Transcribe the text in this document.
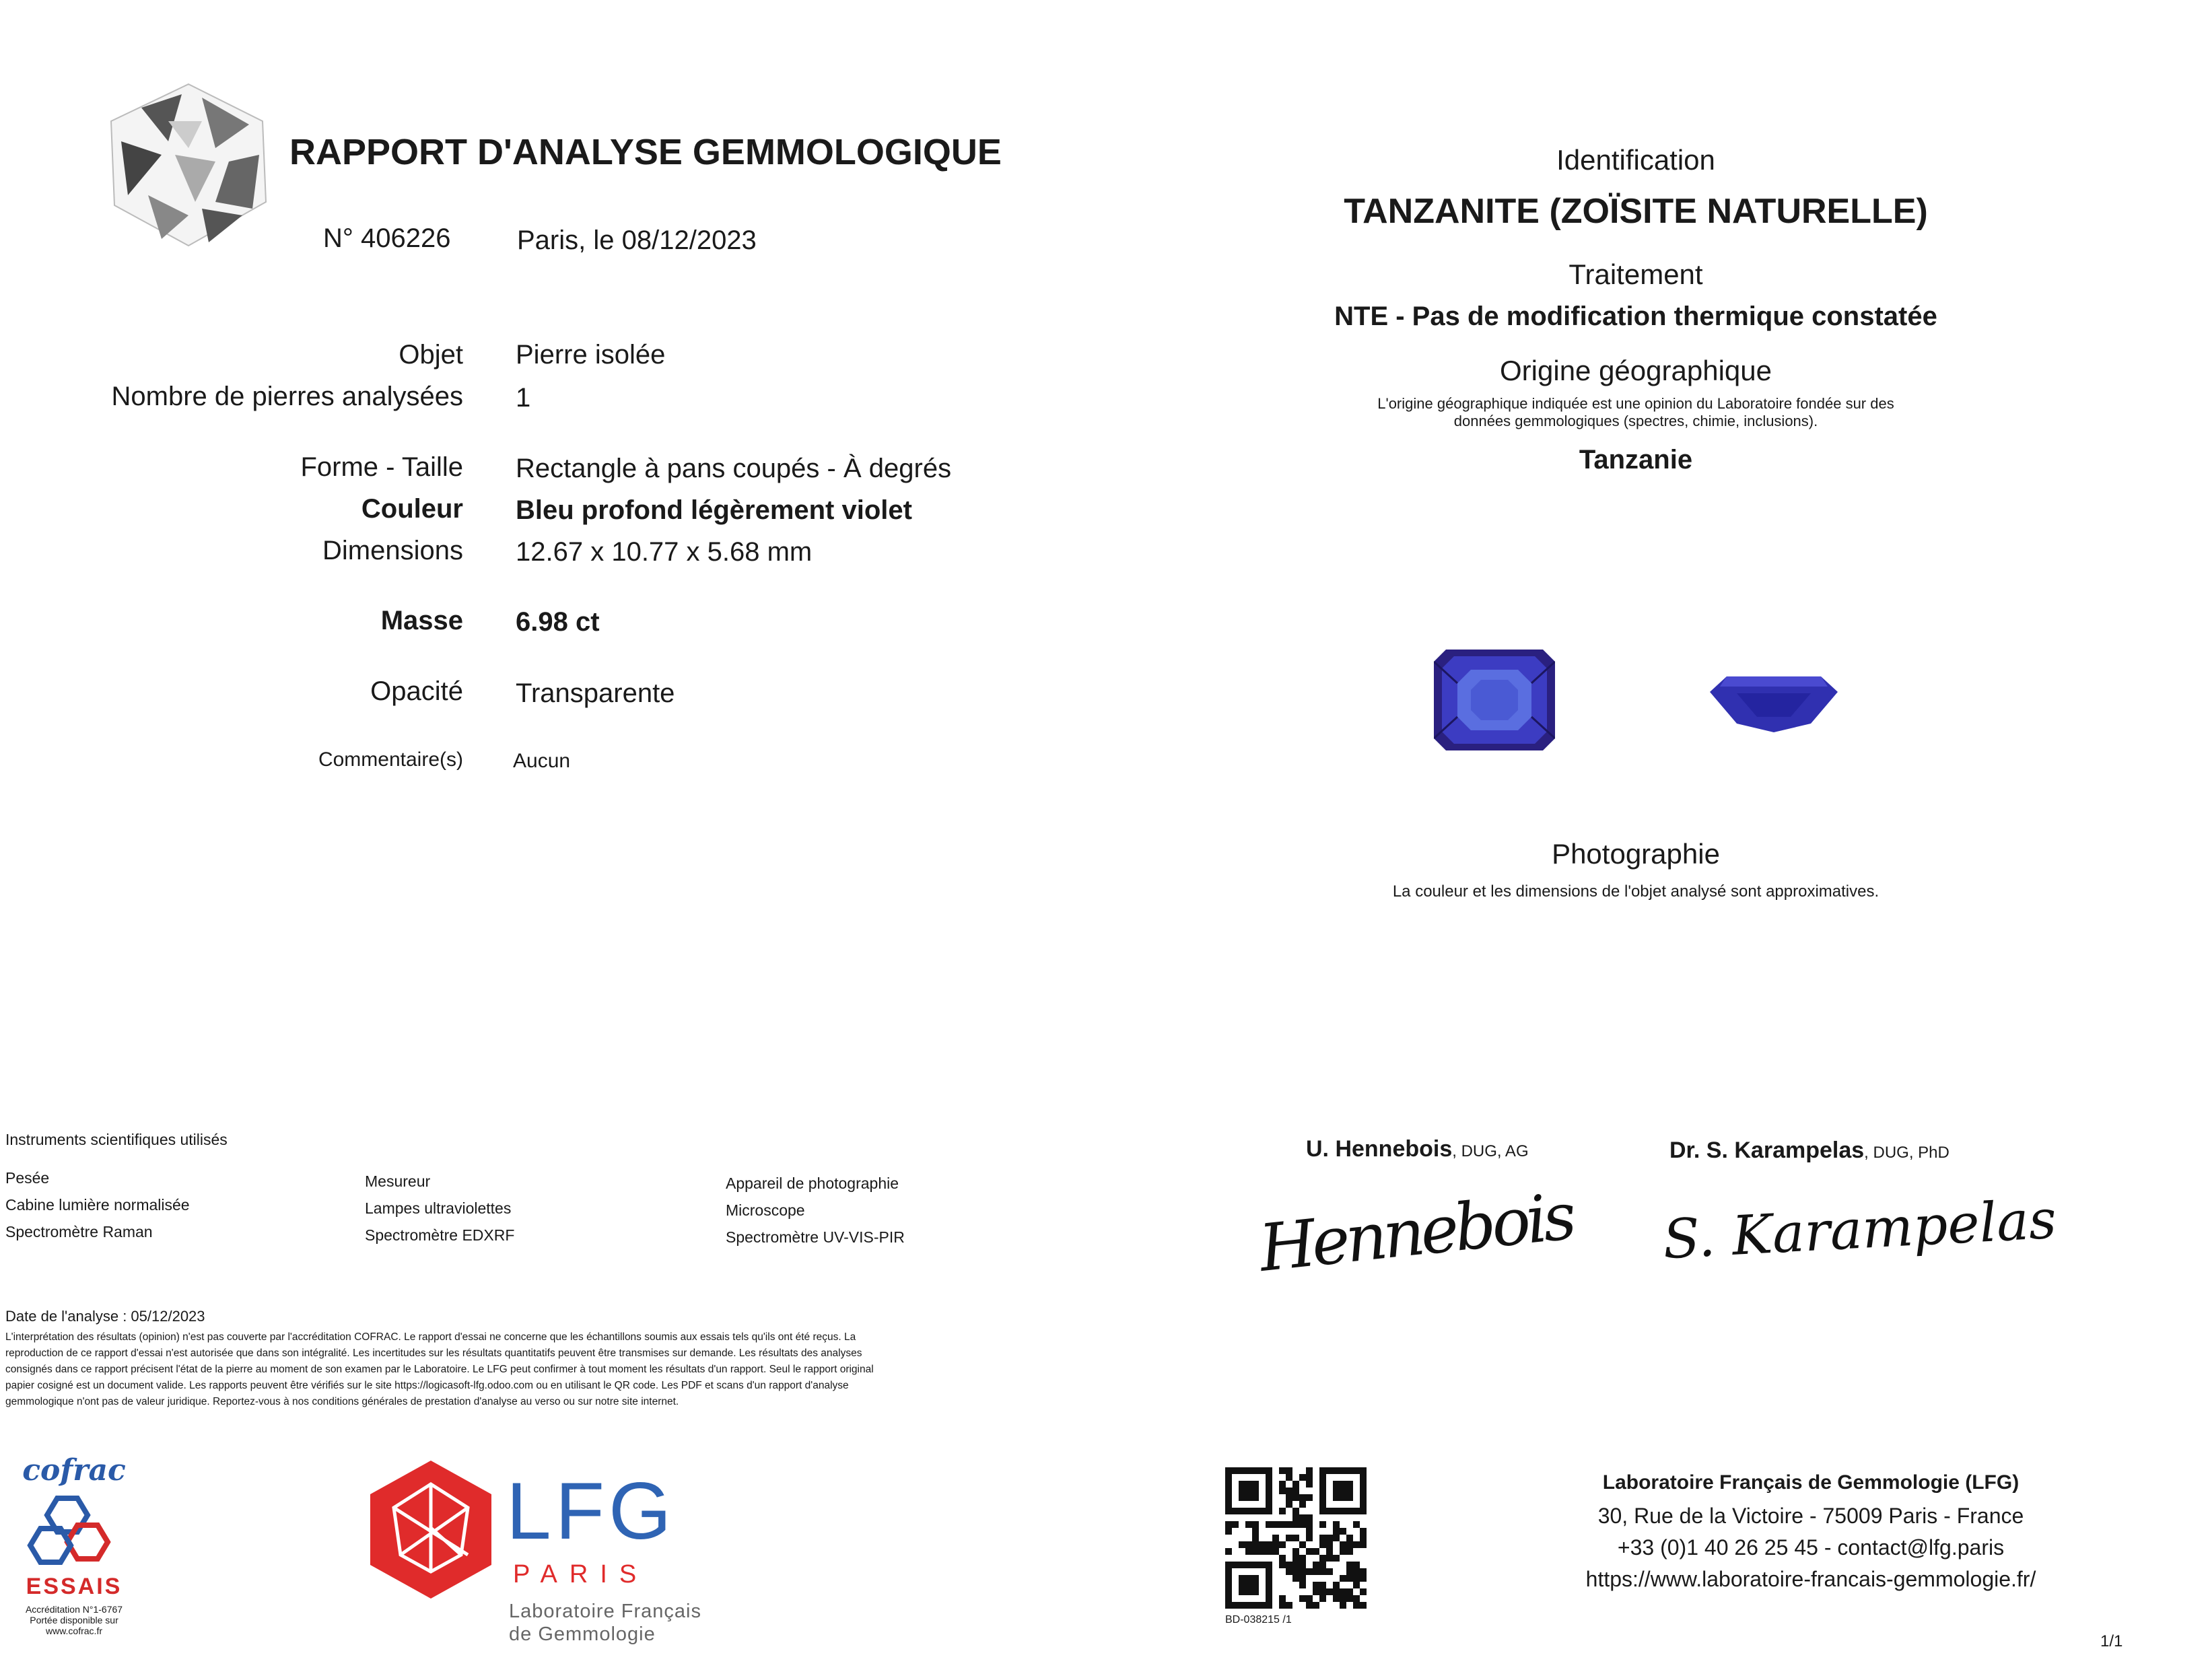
RAPPORT D'ANALYSE GEMMOLOGIQUE
N° 406226 Paris, le 08/12/2023
Objet Pierre isolée
Nombre de pierres analysées 1
Forme - Taille Rectangle à pans coupés - À degrés
Couleur Bleu profond légèrement violet
Dimensions 12.67 x 10.77 x 5.68 mm
Masse 6.98 ct
Opacité Transparente
Commentaire(s) Aucun
Identification
TANZANITE (ZOÏSITE NATURELLE)
Traitement
NTE - Pas de modification thermique constatée
Origine géographique
L'origine géographique indiquée est une opinion du Laboratoire fondée sur des
données gemmologiques (spectres, chimie, inclusions).
Tanzanie
Photographie
La couleur et les dimensions de l'objet analysé sont approximatives.
Instruments scientifiques utilisés
Pesée
Cabine lumière normalisée
Spectromètre Raman
Mesureur
Lampes ultraviolettes
Spectromètre EDXRF
Appareil de photographie
Microscope
Spectromètre UV-VIS-PIR
U. Hennebois, DUG, AG
Hennebois
Dr. S. Karampelas, DUG, PhD
S. Karampelas
Date de l'analyse : 05/12/2023
L'interprétation des résultats (opinion) n'est pas couverte par l'accréditation COFRAC. Le rapport d'essai ne concerne que les échantillons soumis aux essais tels qu'ils ont été reçus. La
reproduction de ce rapport d'essai n'est autorisée que dans son intégralité. Les incertitudes sur les résultats quantitatifs peuvent être transmises sur demande. Les résultats des analyses
consignés dans ce rapport précisent l'état de la pierre au moment de son examen par le Laboratoire. Le LFG peut confirmer à tout moment les résultats d'un rapport. Seul le rapport original
papier cosigné est un document valide. Les rapports peuvent être vérifiés sur le site https://logicasoft-lfg.odoo.com ou en utilisant le QR code. Les PDF et scans d'un rapport d'analyse
gemmologique n'ont pas de valeur juridique. Reportez-vous à nos conditions générales de prestation d'analyse au verso ou sur notre site internet.
cofrac
ESSAIS
Accréditation N°1-6767
Portée disponible sur
www.cofrac.fr
LFG
PARIS
Laboratoire Français
de Gemmologie
BD-038215 /1
Laboratoire Français de Gemmologie (LFG)
30, Rue de la Victoire - 75009 Paris - France
+33 (0)1 40 26 25 45 - contact@lfg.paris
https://www.laboratoire-francais-gemmologie.fr/
1/1
